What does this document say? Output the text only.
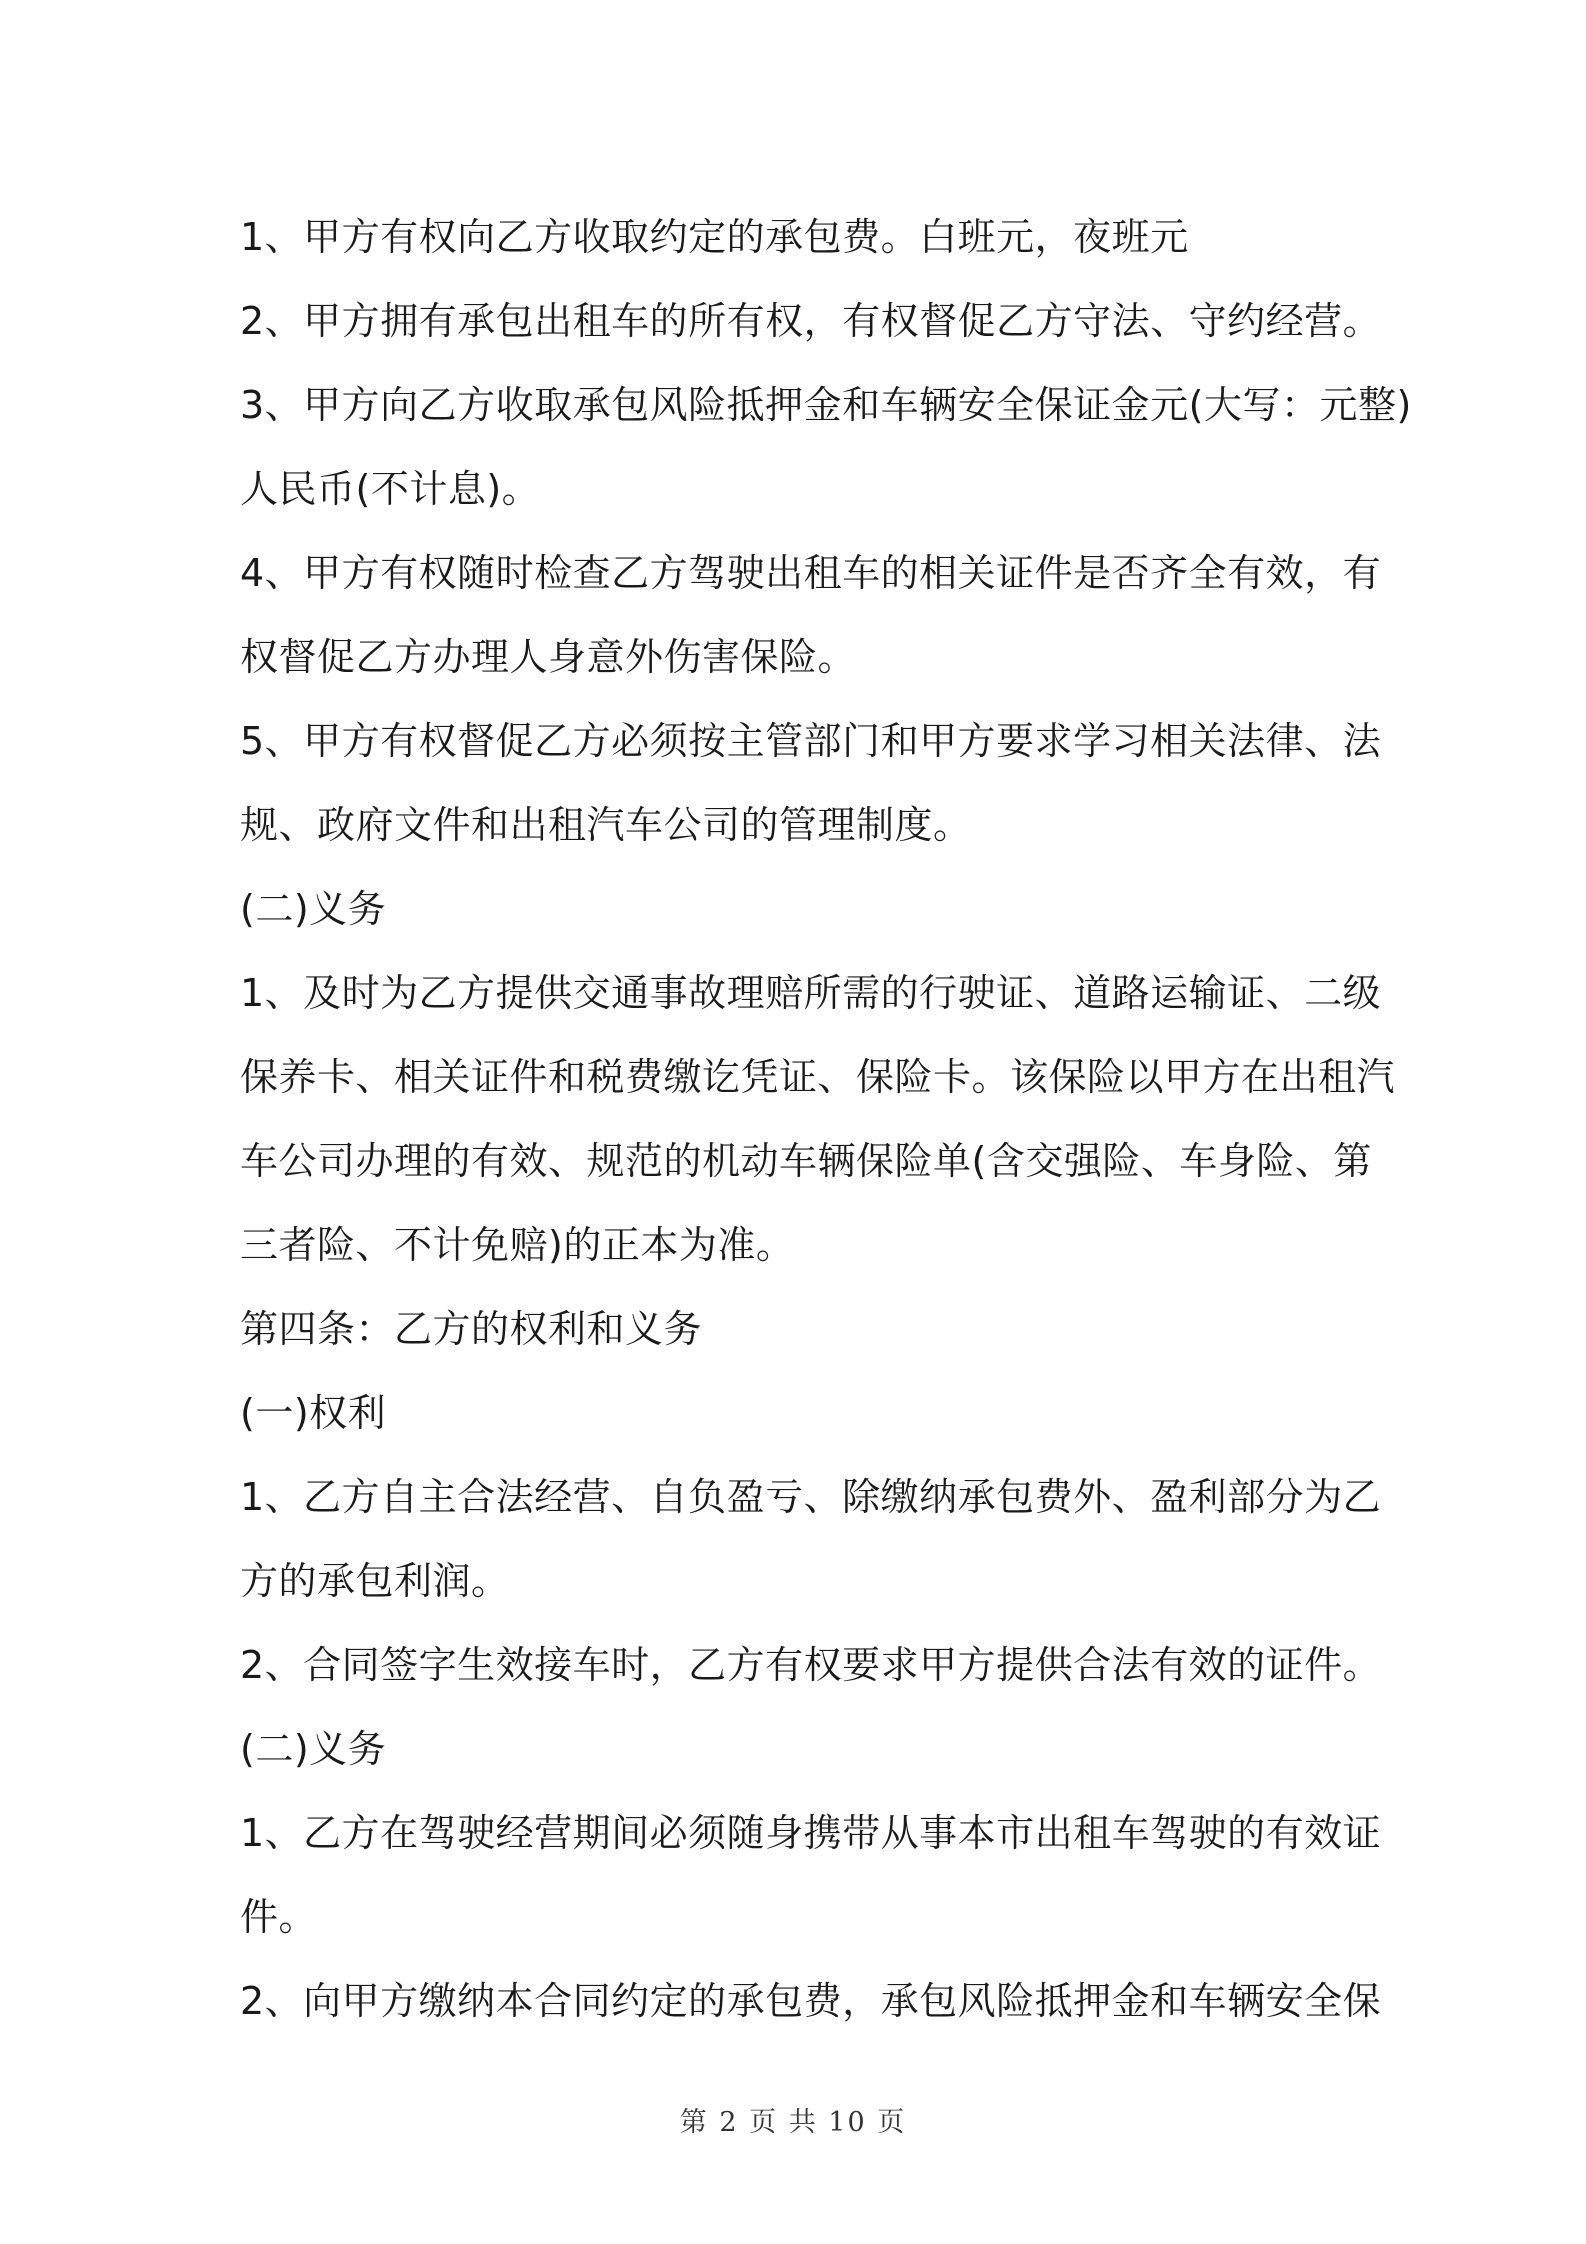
1、甲方有权向乙方收取约定的承包费。白班元，夜班元
2、甲方拥有承包出租车的所有权，有权督促乙方守法、守约经营。
3、甲方向乙方收取承包风险抵押金和车辆安全保证金元(大写：元整)
人民币(不计息)。
4、甲方有权随时检查乙方驾驶出租车的相关证件是否齐全有效，有
权督促乙方办理人身意外伤害保险。
5、甲方有权督促乙方必须按主管部门和甲方要求学习相关法律、法
规、政府文件和出租汽车公司的管理制度。
(二)义务
1、及时为乙方提供交通事故理赔所需的行驶证、道路运输证、二级
保养卡、相关证件和税费缴讫凭证、保险卡。该保险以甲方在出租汽
车公司办理的有效、规范的机动车辆保险单(含交强险、车身险、第
三者险、不计免赔)的正本为准。
第四条：乙方的权利和义务
(一)权利
1、乙方自主合法经营、自负盈亏、除缴纳承包费外、盈利部分为乙
方的承包利润。
2、合同签字生效接车时，乙方有权要求甲方提供合法有效的证件。
(二)义务
1、乙方在驾驶经营期间必须随身携带从事本市出租车驾驶的有效证
件。
2、向甲方缴纳本合同约定的承包费，承包风险抵押金和车辆安全保
第 2 页 共 10 页
